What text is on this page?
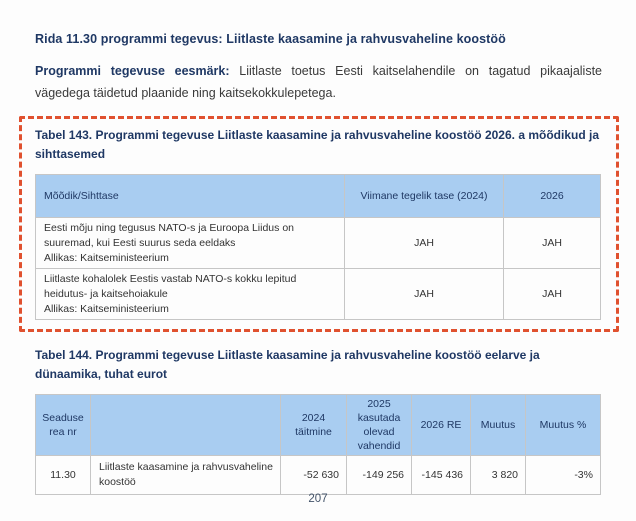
Rida 11.30 programmi tegevus: Liitlaste kaasamine ja rahvusvaheline koostöö

Programmi tegevuse eesmärk: Liitlaste toetus Eesti kaitselahendile on tagatud pikaajaliste vägedega täidetud plaanide ning kaitsekokkulepetega.

Tabel 143. Programmi tegevuse Liitlaste kaasamine ja rahvusvaheline koostöö 2026. a mõõdikud ja sihttasemed

Mõõdik/Sihttase	Viimane tegelik tase (2024)	2026

Eesti mõju ning tegusus NATO-s ja Euroopa Liidus on suuremad, kui Eesti suurus seda eeldaks
Allikas: Kaitseministeerium	JAH	JAH

Liitlaste kohalolek Eestis vastab NATO-s kokku lepitud heidutus- ja kaitsehoiakule
Allikas: Kaitseministeerium	JAH	JAH

Tabel 144. Programmi tegevuse Liitlaste kaasamine ja rahvusvaheline koostöö eelarve ja dünaamika, tuhat eurot

Seaduse rea nr		2024 täitmine	2025 kasutada olevad vahendid	2026 RE	Muutus	Muutus %
11.30	Liitlaste kaasamine ja rahvusvaheline koostöö	-52 630	-149 256	-145 436	3 820	-3%
207
